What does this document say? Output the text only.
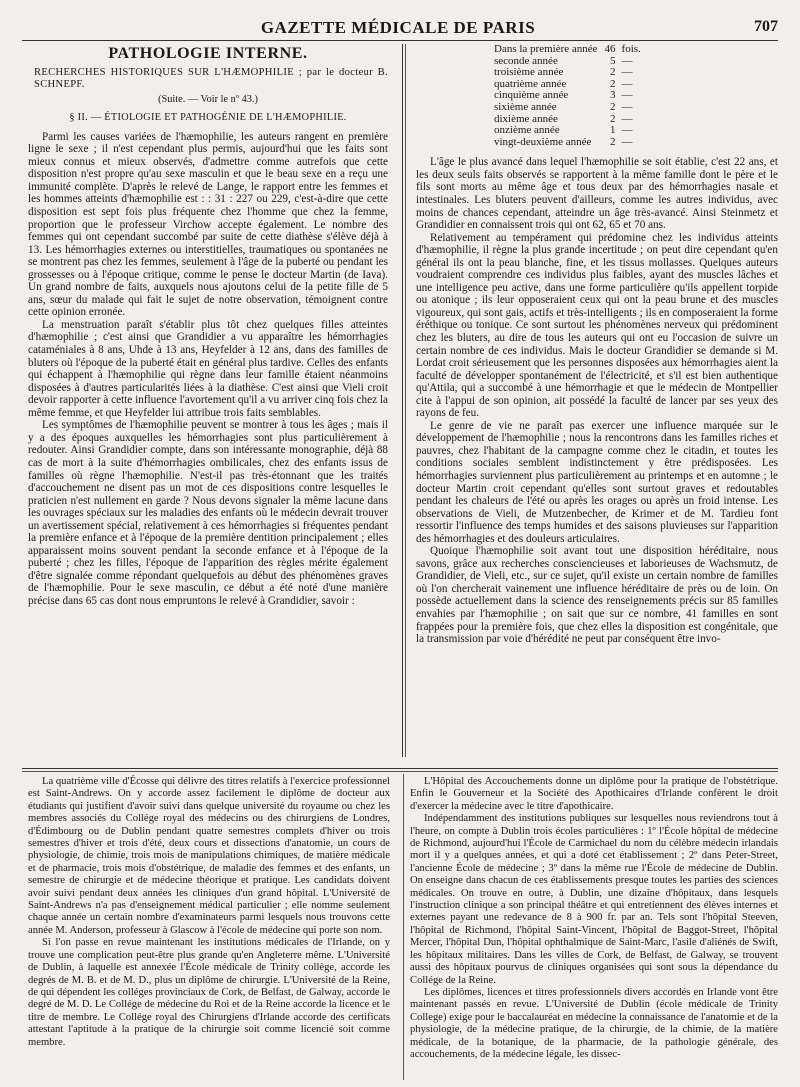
GAZETTE MÉDICALE DE PARIS	707
PATHOLOGIE INTERNE.
RECHERCHES HISTORIQUES SUR L'HÆMOPHILIE ; par le docteur B. SCHNEPF.
(Suite. — Voir le nº 43.)
§ II. — ÉTIOLOGIE ET PATHOGÉNIE DE L'HÆMOPHILIE.

Parmi les causes variées de l'hæmophilie, les auteurs rangent en première ligne le sexe ; il n'est cependant plus permis, aujourd'hui que les faits sont mieux connus et mieux observés, d'admettre comme autrefois que cette disposition n'est propre qu'au sexe masculin et que le beau sexe en a reçu une immunité complète. D'après le relevé de Lange, le rapport entre les femmes et les hommes atteints d'hæmophilie est : : 31 : 227 ou 229, c'est-à-dire que cette disposition est sept fois plus fréquente chez l'homme que chez la femme, proportion que le professeur Virchow accepte également. Le nombre des femmes qui ont cependant succombé par suite de cette diathèse s'élève déjà à 13. Les hémorrhagies externes ou interstitielles, traumatiques ou spontanées ne se montrent pas chez les femmes, seulement à l'âge de la puberté ou pendant les grossesses ou à l'époque critique, comme le pense le docteur Martin (de Iava). Un grand nombre de faits, auxquels nous ajoutons celui de la petite fille de 5 ans, sœur du malade qui fait le sujet de notre observation, témoignent contre cette opinion erronée.

La menstruation paraît s'établir plus tôt chez quelques filles atteintes d'hæmophilie ; c'est ainsi que Grandidier a vu apparaître les hémorrhagies cataméniales à 8 ans, Uhde à 13 ans, Heyfelder à 12 ans, dans des familles de bluters où l'époque de la puberté était en général plus tardive. Celles des enfants qui échappent à l'hæmophilie qui règne dans leur famille étaient néanmoins disposées à d'autres particularités liées à la diathèse. C'est ainsi que Vieli croit devoir rapporter à cette influence l'avortement qu'il a vu arriver cinq fois chez la même femme, et que Heyfelder lui attribue trois faits semblables.

Les symptômes de l'hæmophilie peuvent se montrer à tous les âges ; mais il y a des époques auxquelles les hémorrhagies sont plus particulièrement à redouter. Ainsi Grandidier compte, dans son intéressante monographie, déjà 88 cas de mort à la suite d'hémorrhagies ombilicales, chez des enfants issus de familles où règne l'hæmophilie. N'est-il pas très-étonnant que les traités d'accouchement ne disent pas un mot de ces dispositions contre lesquelles le praticien n'est nullement en garde ? Nous devons signaler la même lacune dans les ouvrages spéciaux sur les maladies des enfants où le médecin devrait trouver un avertissement spécial, relativement à ces hémorrhagies si fréquentes pendant la première enfance et à l'époque de la première dentition principalement ; elles apparaissent moins souvent pendant la seconde enfance et à l'époque de la puberté ; chez les filles, l'époque de l'apparition des règles mérite également d'être signalée comme répondant quelquefois au début des phénomènes graves de l'hæmophilie. Pour le sexe masculin, ce début a été noté d'une manière précise dans 65 cas dont nous empruntons le relevé à Grandidier, savoir :

Dans la première année	46	fois.
seconde année	5	—
troisième année	2	—
quatrième année	2	—
cinquième année	3	—
sixième année	2	—
dixième année	2	—
onzième année	1	—
vingt-deuxième année	2	—

L'âge le plus avancé dans lequel l'hæmophilie se soit établie, c'est 22 ans, et les deux seuls faits observés se rapportent à la même famille dont le père et le fils sont morts au même âge et tous deux par des hémorrhagies nasale et intestinales. Les bluters peuvent d'ailleurs, comme les autres individus, avec moins de chances cependant, atteindre un âge très-avancé. Ainsi Steinmetz et Grandidier en connaissent trois qui ont 62, 65 et 70 ans.

Relativement au tempérament qui prédomine chez les individus atteints d'hæmophilie, il règne la plus grande incertitude ; on peut dire cependant qu'en général ils ont la peau blanche, fine, et les tissus mollasses. Quelques auteurs voudraient comprendre ces individus plus faibles, ayant des muscles lâches et une intelligence peu active, dans une forme particulière qu'ils appellent torpide ou atonique ; ils leur opposeraient ceux qui ont la peau brune et des muscles vigoureux, qui sont gais, actifs et très-intelligents ; ils en composeraient la forme éréthique ou tonique. Ce sont surtout les phénomènes nerveux qui prédominent chez les bluters, au dire de tous les auteurs qui ont eu l'occasion de suivre un certain nombre de ces individus. Mais le docteur Grandidier se demande si M. Lordat croit sérieusement que les personnes disposées aux hémorrhagies aient la faculté de développer spontanément de l'électricité, et s'il est bien authentique qu'Attila, qui a succombé à une hémorrhagie et que le médecin de Montpellier cite à l'appui de son opinion, ait possédé la faculté de lancer par ses yeux des rayons de feu.

Le genre de vie ne paraît pas exercer une influence marquée sur le développement de l'hæmophilie ; nous la rencontrons dans les familles riches et pauvres, chez l'habitant de la campagne comme chez le citadin, et toutes les conditions sociales semblent indistinctement y être prédisposées. Les hémorrhagies surviennent plus particulièrement au printemps et en automne ; le docteur Martin croit cependant qu'elles sont surtout graves et redoutables pendant les chaleurs de l'été ou après les orages ou après un froid intense. Les observations de Vieli, de Mutzenbecher, de Krimer et de M. Tardieu font ressortir l'influence des temps humides et des saisons pluvieuses sur l'apparition des hémorrhagies et des douleurs articulaires.

Quoique l'hæmophilie soit avant tout une disposition héréditaire, nous savons, grâce aux recherches consciencieuses et laborieuses de Wachsmutz, de Grandidier, de Vieli, etc., sur ce sujet, qu'il existe un certain nombre de familles où l'on chercherait vainement une influence héréditaire de près ou de loin. On possède actuellement dans la science des renseignements précis sur 85 familles envahies par l'hæmophilie ; on sait que sur ce nombre, 41 familles en sont frappées pour la première fois, que chez elles la disposition est congénitale, que la transmission par voie d'hérédité ne peut par conséquent être invo-

La quatrième ville d'Écosse qui délivre des titres relatifs à l'exercice professionnel est Saint-Andrews. On y accorde assez facilement le diplôme de docteur aux étudiants qui justifient d'avoir suivi dans quelque université du royaume ou chez les membres associés du Collége royal des médecins ou des chirurgiens de Londres, d'Édimbourg ou de Dublin pendant quatre semestres complets d'hiver ou trois semestres d'hiver et trois d'été, deux cours et dissections d'anatomie, un cours de physiologie, de chimie, trois mois de manipulations chimiques, de matière médicale et de pharmacie, trois mois d'obstétrique, de maladie des femmes et des enfants, un semestre de chirurgie et de médecine théorique et pratique. Les candidats doivent avoir suivi pendant deux années les cliniques d'un grand hôpital. L'Université de Saint-Andrews n'a pas d'enseignement médical particulier ; elle nomme seulement chaque année un certain nombre d'examinateurs parmi lesquels nous trouvons cette année M. Anderson, professeur à Glascow à l'école de médecine qui porte son nom.

Si l'on passe en revue maintenant les institutions médicales de l'Irlande, on y trouve une complication peut-être plus grande qu'en Angleterre même. L'Université de Dublin, à laquelle est annexée l'École médicale de Trinity collège, accorde les degrés de M. B. et de M. D., plus un diplôme de chirurgie. L'Université de la Reine, de qui dépendent les colléges provinciaux de Cork, de Belfast, de Galway, accorde le degré de M. D. Le Collége de médecine du Roi et de la Reine accorde la licence et le titre de membre. Le Collége royal des Chirurgiens d'Irlande accorde des certificats attestant l'aptitude à la pratique de la chirurgie soit comme licencié soit comme membre.

L'Hôpital des Accouchements donne un diplôme pour la pratique de l'obstétrique. Enfin le Gouverneur et la Société des Apothicaires d'Irlande confèrent le droit d'exercer la médecine avec le titre d'apothicaire.

Indépendamment des institutions publiques sur lesquelles nous reviendrons tout à l'heure, on compte à Dublin trois écoles particulières : 1º l'École hôpital de médecine de Richmond, aujourd'hui l'École de Carmichael du nom du célèbre médecin irlandais mort il y a quelques années, et qui a doté cet établissement ; 2º dans Peter-Street, l'ancienne École de médecine ; 3º dans la même rue l'École de médecine de Dublin. On enseigne dans chacun de ces établissements presque toutes les parties des sciences médicales. On trouve en outre, à Dublin, une dizaine d'hôpitaux, dans lesquels l'instruction clinique a son principal théâtre et qui entretiennent des élèves internes et externes payant une redevance de 8 à 900 fr. par an. Tels sont l'hôpital Steeven, l'hôpital de Richmond, l'hôpital Saint-Vincent, l'hôpital de Baggot-Street, l'hôpital Mercer, l'hôpital Dun, l'hôpital ophthalmique de Saint-Marc, l'asile d'aliénés de Swift, les hôpitaux militaires. Dans les villes de Cork, de Belfast, de Galway, se trouvent aussi des hôpitaux pourvus de cliniques organisées qui sont sous la dépendance du Collége de la Reine.

Les diplômes, licences et titres professionnels divers accordés en Irlande vont être maintenant passés en revue. L'Université de Dublin (école médicale de Trinity College) exige pour le baccalauréat en médecine la connaissance de l'anatomie et de la physiologie, de la médecine pratique, de la chirurgie, de la chimie, de la matière médicale, de la botanique, de la pharmacie, de la pathologie générale, des accouchements, de la médecine légale, les dissec-
